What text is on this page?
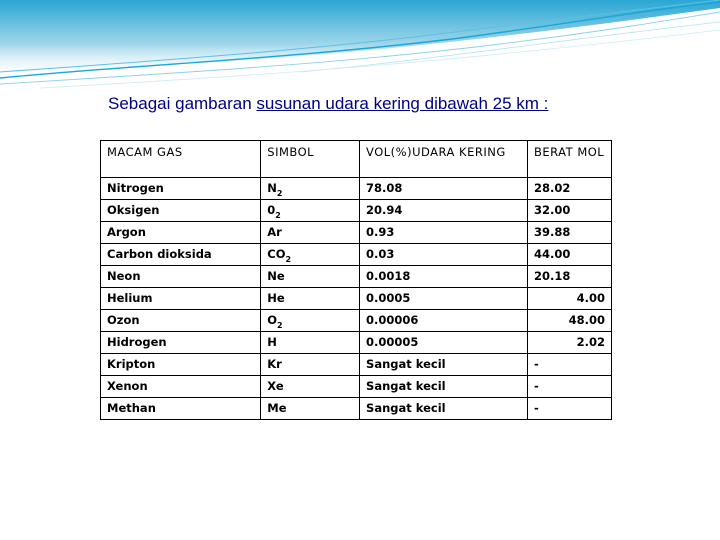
Sebagai gambaran susunan udara kering dibawah 25 km :
MACAM GAS	SIMBOL	VOL(%)UDARA KERING	BERAT MOL
Nitrogen	$N_2$	78.08	28.02
Oksigen	$0_2$	20.94	32.00
Argon	Ar	0.93	39.88
Carbon dioksida	$CO_2$	0.03	44.00
Neon	Ne	0.0018	20.18
Helium	He	0.0005	4.00
Ozon	$O_2$	0.00006	48.00
Hidrogen	H	0.00005	2.02
Kripton	Kr	Sangat kecil	-
Xenon	Xe	Sangat kecil	-
Methan	Me	Sangat kecil	-
